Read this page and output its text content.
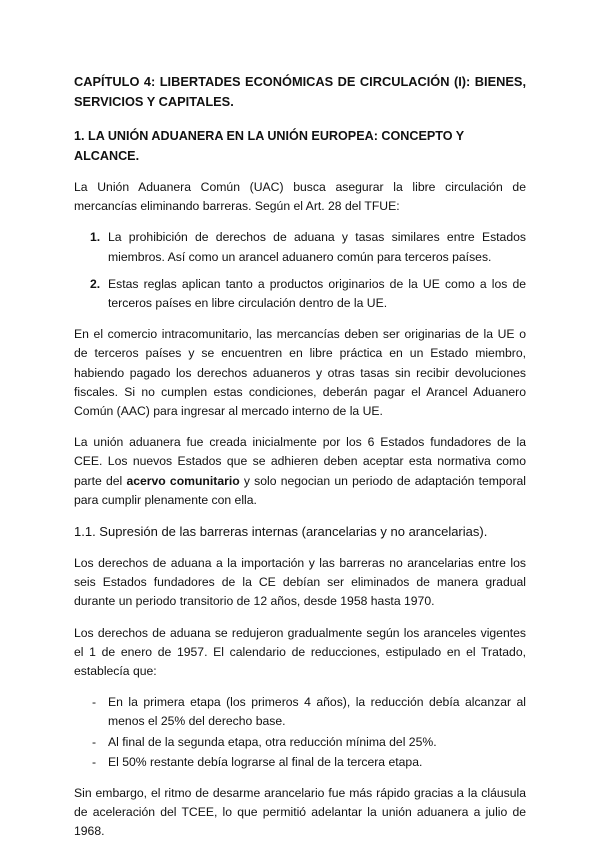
CAPÍTULO 4: LIBERTADES ECONÓMICAS DE CIRCULACIÓN (I): BIENES, SERVICIOS Y CAPITALES.
1. LA UNIÓN ADUANERA EN LA UNIÓN EUROPEA: CONCEPTO Y ALCANCE.

La Unión Aduanera Común (UAC) busca asegurar la libre circulación de mercancías eliminando barreras. Según el Art. 28 del TFUE:

1. La prohibición de derechos de aduana y tasas similares entre Estados miembros. Así como un arancel aduanero común para terceros países.
2. Estas reglas aplican tanto a productos originarios de la UE como a los de terceros países en libre circulación dentro de la UE.

En el comercio intracomunitario, las mercancías deben ser originarias de la UE o de terceros países y se encuentren en libre práctica en un Estado miembro, habiendo pagado los derechos aduaneros y otras tasas sin recibir devoluciones fiscales. Si no cumplen estas condiciones, deberán pagar el Arancel Aduanero Común (AAC) para ingresar al mercado interno de la UE.

La unión aduanera fue creada inicialmente por los 6 Estados fundadores de la CEE. Los nuevos Estados que se adhieren deben aceptar esta normativa como parte del acervo comunitario y solo negocian un periodo de adaptación temporal para cumplir plenamente con ella.

1.1. Supresión de las barreras internas (arancelarias y no arancelarias).

Los derechos de aduana a la importación y las barreras no arancelarias entre los seis Estados fundadores de la CE debían ser eliminados de manera gradual durante un periodo transitorio de 12 años, desde 1958 hasta 1970.

Los derechos de aduana se redujeron gradualmente según los aranceles vigentes el 1 de enero de 1957. El calendario de reducciones, estipulado en el Tratado, establecía que:

- En la primera etapa (los primeros 4 años), la reducción debía alcanzar al menos el 25% del derecho base.
- Al final de la segunda etapa, otra reducción mínima del 25%.
- El 50% restante debía lograrse al final de la tercera etapa.

Sin embargo, el ritmo de desarme arancelario fue más rápido gracias a la cláusula de aceleración del TCEE, lo que permitió adelantar la unión aduanera a julio de 1968.
